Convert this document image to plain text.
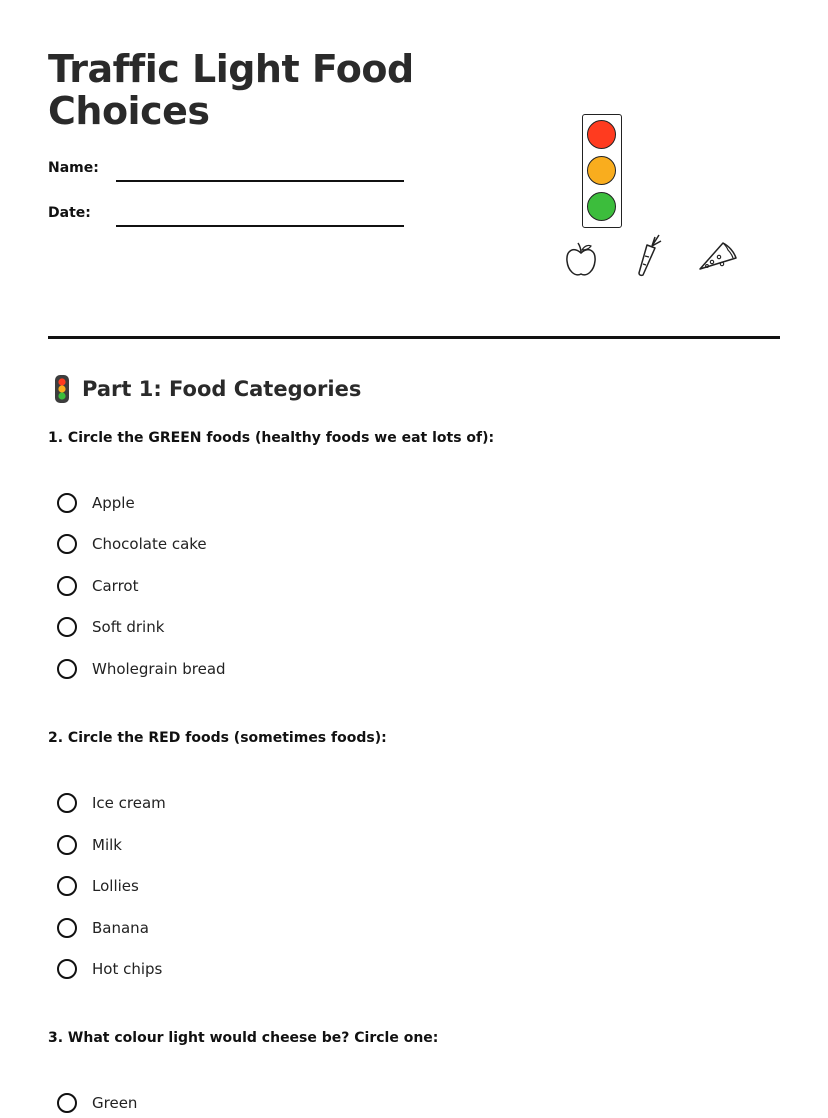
Traffic Light Food Choices
Name:
Date:
Part 1: Food Categories
1. Circle the GREEN foods (healthy foods we eat lots of):
Apple
Chocolate cake
Carrot
Soft drink
Wholegrain bread
2. Circle the RED foods (sometimes foods):
Ice cream
Milk
Lollies
Banana
Hot chips
3. What colour light would cheese be? Circle one:
Green
